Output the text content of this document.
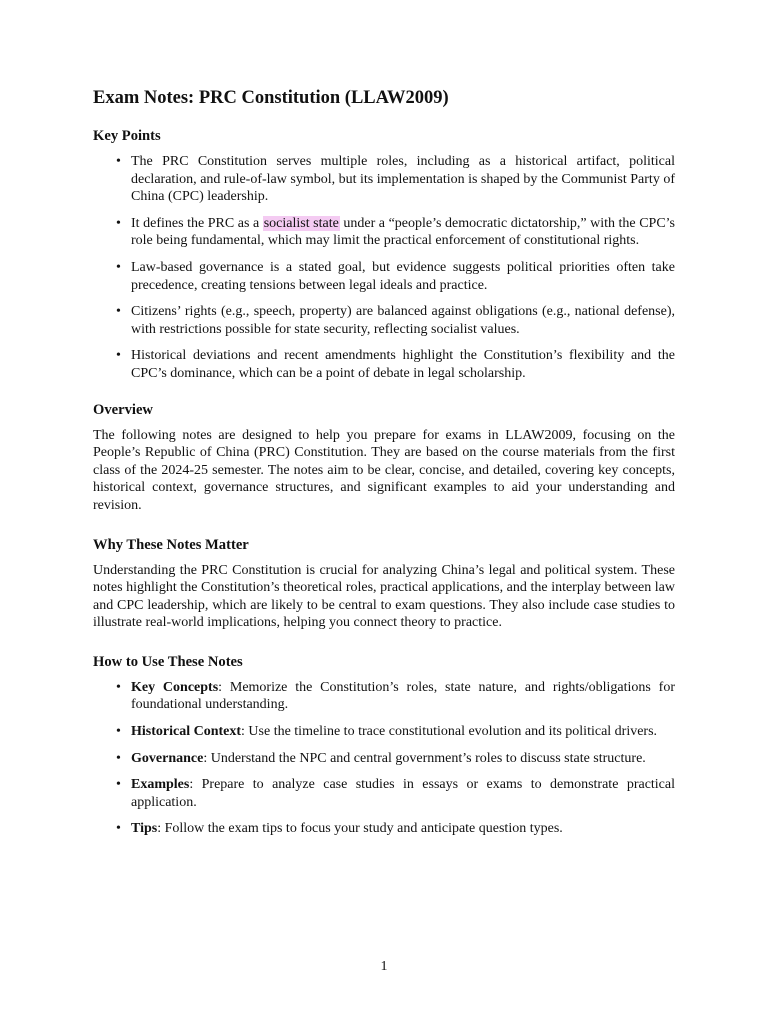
Exam Notes: PRC Constitution (LLAW2009)
Key Points
• The PRC Constitution serves multiple roles, including as a historical artifact, political declaration, and rule-of-law symbol, but its implementation is shaped by the Communist Party of China (CPC) leadership.
• It defines the PRC as a socialist state under a “people’s democratic dictatorship,” with the CPC’s role being fundamental, which may limit the practical enforcement of constitutional rights.
• Law-based governance is a stated goal, but evidence suggests political priorities often take precedence, creating tensions between legal ideals and practice.
• Citizens’ rights (e.g., speech, property) are balanced against obligations (e.g., national defense), with restrictions possible for state security, reflecting socialist values.
• Historical deviations and recent amendments highlight the Constitution’s flexibility and the CPC’s dominance, which can be a point of debate in legal scholarship.
Overview

The following notes are designed to help you prepare for exams in LLAW2009, focusing on the People’s Republic of China (PRC) Constitution. They are based on the course materials from the first class of the 2024-25 semester. The notes aim to be clear, concise, and detailed, covering key concepts, historical context, governance structures, and significant examples to aid your understanding and revision.

Why These Notes Matter

Understanding the PRC Constitution is crucial for analyzing China’s legal and political system. These notes highlight the Constitution’s theoretical roles, practical applications, and the interplay between law and CPC leadership, which are likely to be central to exam questions. They also include case studies to illustrate real-world implications, helping you connect theory to practice.

How to Use These Notes
• Key Concepts: Memorize the Constitution’s roles, state nature, and rights/obligations for foundational understanding.
• Historical Context: Use the timeline to trace constitutional evolution and its political drivers.
• Governance: Understand the NPC and central government’s roles to discuss state structure.
• Examples: Prepare to analyze case studies in essays or exams to demonstrate practical application.
• Tips: Follow the exam tips to focus your study and anticipate question types.
1
